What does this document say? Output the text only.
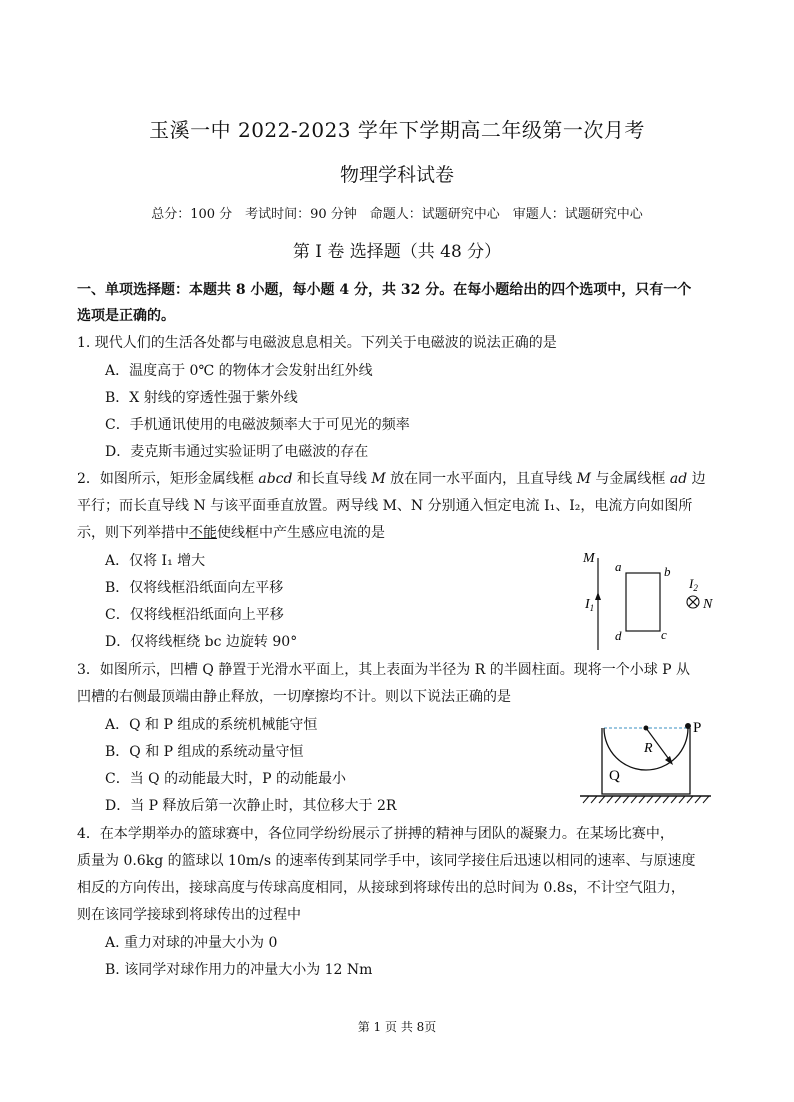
玉溪一中 2022-2023 学年下学期高二年级第一次月考
物理学科试卷
总分：100 分　考试时间：90 分钟　命题人：试题研究中心　审题人：试题研究中心
第 I 卷 选择题（共 48 分）
一、单项选择题：本题共 8 小题，每小题 4 分，共 32 分。在每小题给出的四个选项中，只有一个
选项是正确的。
1. 现代人们的生活各处都与电磁波息息相关。下列关于电磁波的说法正确的是
A．温度高于 0℃ 的物体才会发射出红外线
B．X 射线的穿透性强于紫外线
C．手机通讯使用的电磁波频率大于可见光的频率
D．麦克斯韦通过实验证明了电磁波的存在
2．如图所示，矩形金属线框 abcd 和长直导线 M 放在同一水平面内，且直导线 M 与金属线框 ad 边
平行；而长直导线 N 与该平面垂直放置。两导线 M、N 分别通入恒定电流 I₁、I₂，电流方向如图所
示，则下列举措中不能使线框中产生感应电流的是
A．仅将 I₁ 增大
B．仅将线框沿纸面向左平移
C．仅将线框沿纸面向上平移
D．仅将线框绕 bc 边旋转 90°
M
$I_1$
a	b
d	c
$I_2$
N
3．如图所示，凹槽 Q 静置于光滑水平面上，其上表面为半径为 R 的半圆柱面。现将一个小球 P 从
凹槽的右侧最顶端由静止释放，一切摩擦均不计。则以下说法正确的是
A．Q 和 P 组成的系统机械能守恒
B．Q 和 P 组成的系统动量守恒
C．当 Q 的动能最大时，P 的动能最小
D．当 P 释放后第一次静止时，其位移大于 2R
R
P
Q
4．在本学期举办的篮球赛中，各位同学纷纷展示了拼搏的精神与团队的凝聚力。在某场比赛中，
质量为 0.6kg 的篮球以 10m/s 的速率传到某同学手中，该同学接住后迅速以相同的速率、与原速度
相反的方向传出，接球高度与传球高度相同，从接球到将球传出的总时间为 0.8s，不计空气阻力，
则在该同学接球到将球传出的过程中
A. 重力对球的冲量大小为 0
B. 该同学对球作用力的冲量大小为 12 Nm
第 1 页 共 8页
